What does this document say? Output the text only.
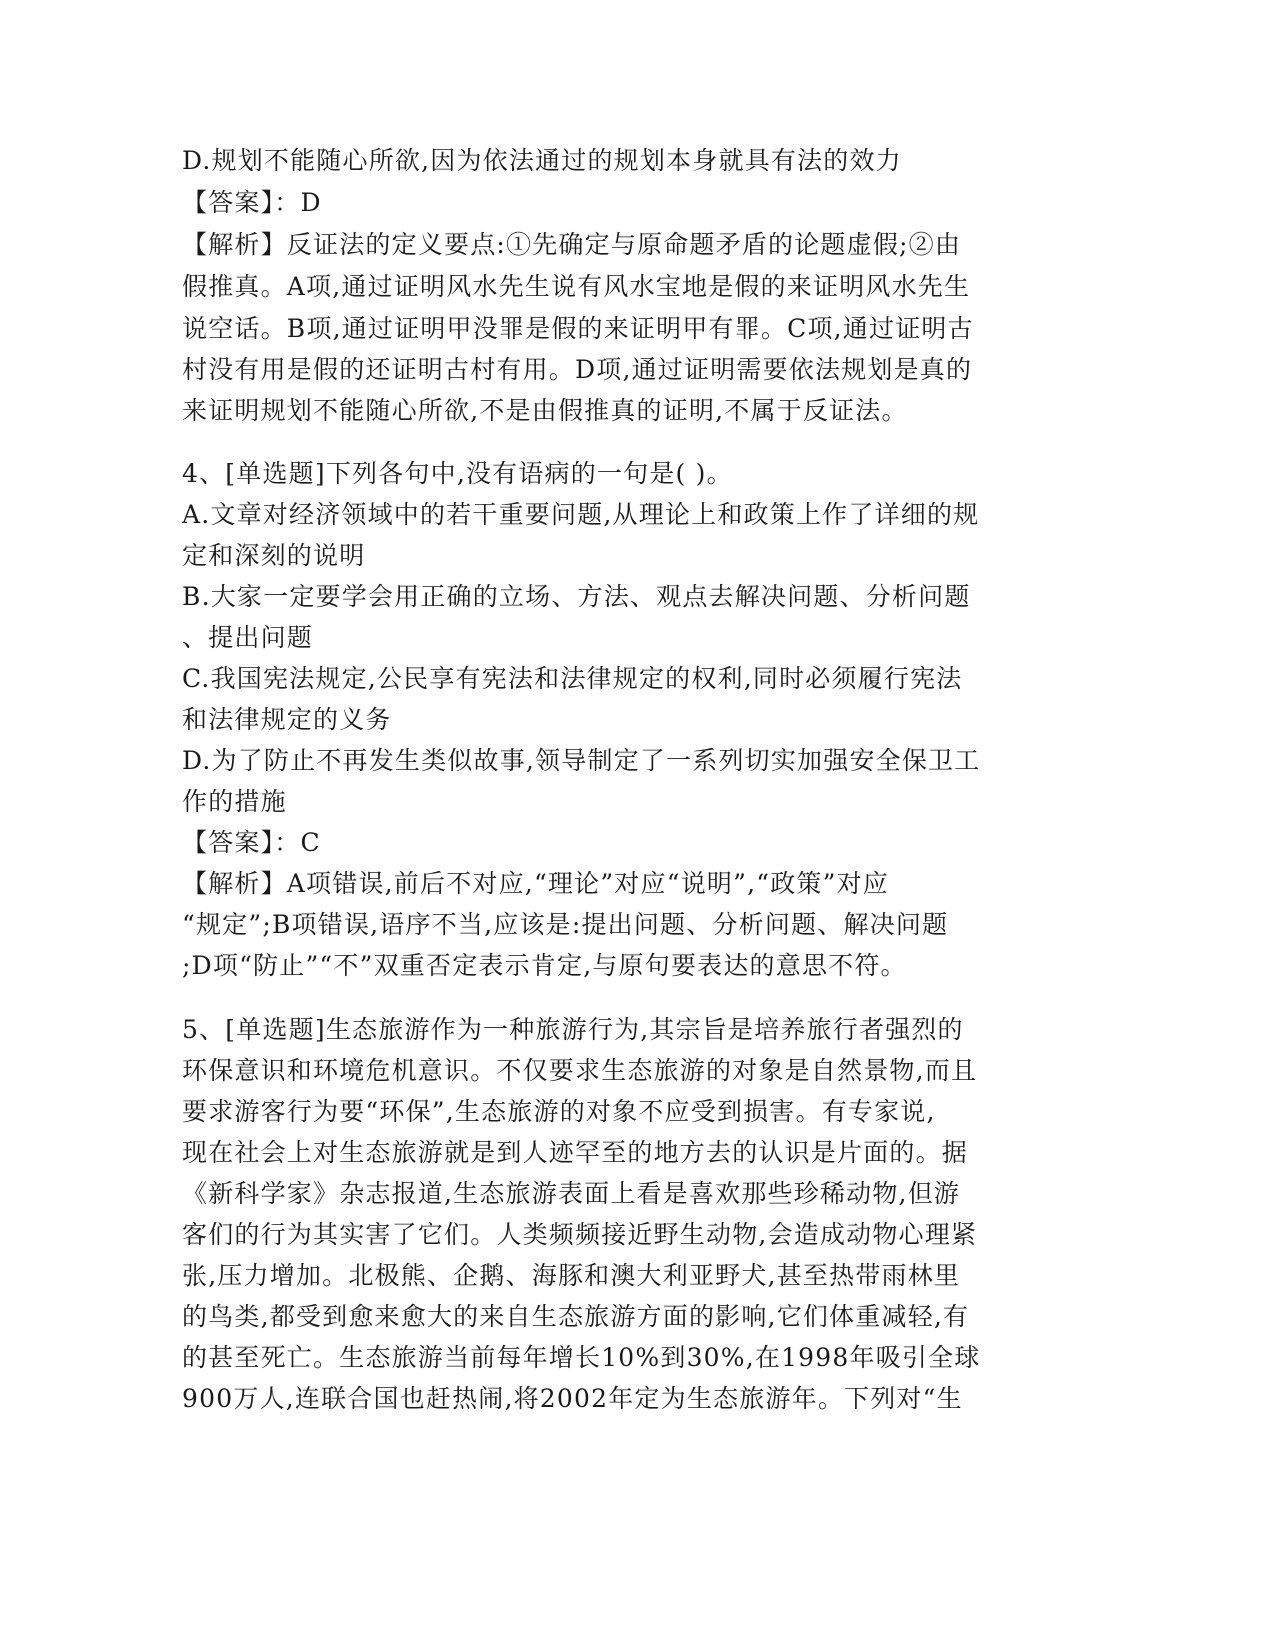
D.规划不能随心所欲,因为依法通过的规划本身就具有法的效力
【答案】：D
【解析】反证法的定义要点:①先确定与原命题矛盾的论题虚假;②由
假推真。A项,通过证明风水先生说有风水宝地是假的来证明风水先生
说空话。B项,通过证明甲没罪是假的来证明甲有罪。C项,通过证明古
村没有用是假的还证明古村有用。D项,通过证明需要依法规划是真的
来证明规划不能随心所欲,不是由假推真的证明,不属于反证法。
4、[单选题]下列各句中,没有语病的一句是( )。
A.文章对经济领域中的若干重要问题,从理论上和政策上作了详细的规
定和深刻的说明
B.大家一定要学会用正确的立场、方法、观点去解决问题、分析问题
、提出问题
C.我国宪法规定,公民享有宪法和法律规定的权利,同时必须履行宪法
和法律规定的义务
D.为了防止不再发生类似故事,领导制定了一系列切实加强安全保卫工
作的措施
【答案】：C
【解析】A项错误,前后不对应,“理论”对应“说明”,“政策”对应
“规定”;B项错误,语序不当,应该是:提出问题、分析问题、解决问题
;D项“防止”“不”双重否定表示肯定,与原句要表达的意思不符。
5、[单选题]生态旅游作为一种旅游行为,其宗旨是培养旅行者强烈的
环保意识和环境危机意识。不仅要求生态旅游的对象是自然景物,而且
要求游客行为要“环保”,生态旅游的对象不应受到损害。有专家说,
现在社会上对生态旅游就是到人迹罕至的地方去的认识是片面的。据
《新科学家》杂志报道,生态旅游表面上看是喜欢那些珍稀动物,但游
客们的行为其实害了它们。人类频频接近野生动物,会造成动物心理紧
张,压力增加。北极熊、企鹅、海豚和澳大利亚野犬,甚至热带雨林里
的鸟类,都受到愈来愈大的来自生态旅游方面的影响,它们体重减轻,有
的甚至死亡。生态旅游当前每年增长10%到30%,在1998年吸引全球
900万人,连联合国也赶热闹,将2002年定为生态旅游年。下列对“生
